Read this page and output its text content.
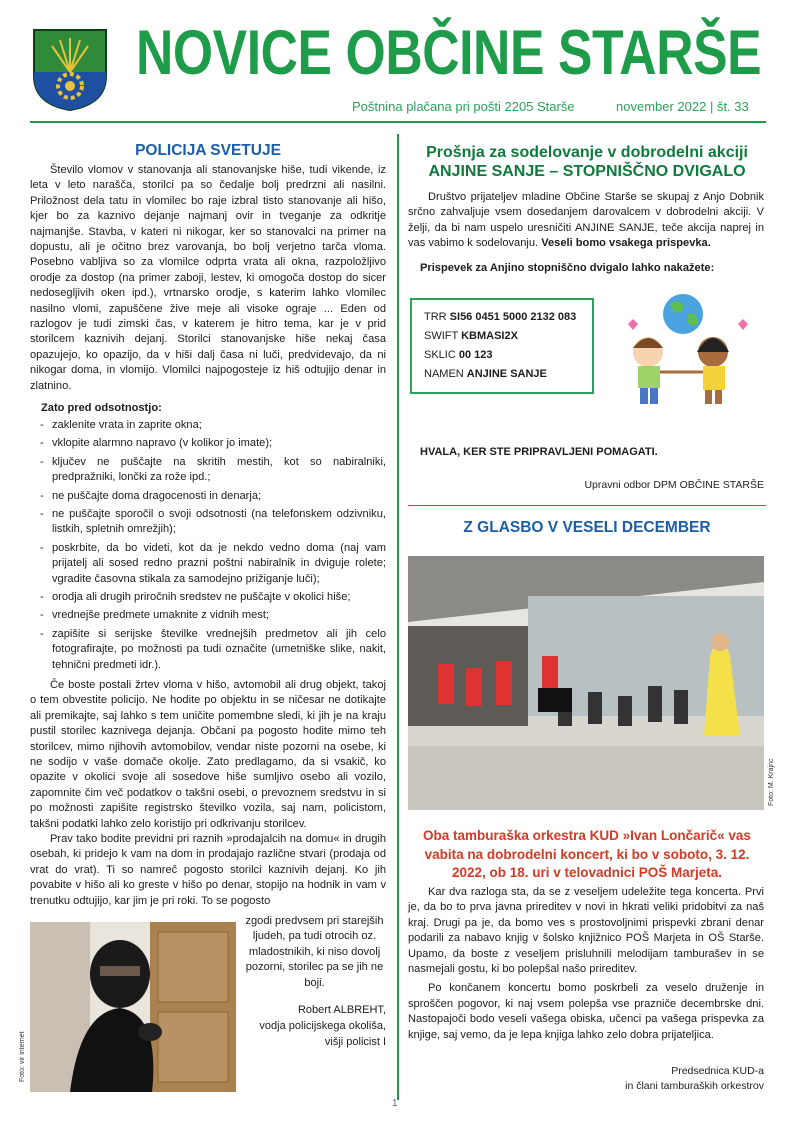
NOVICE OBČINE STARŠE
Poštnina plačana pri pošti 2205 Starše	november 2022 | št. 33
POLICIJA SVETUJE

Število vlomov v stanovanja ali stanovanjske hiše, tudi vikende, iz leta v leto narašča, storilci pa so čedalje bolj predrzni ali nasilni. Priložnost dela tatu in vlomilec bo raje izbral tisto stanovanje ali hišo, kjer bo za kaznivo dejanje najmanj ovir in tveganje za odkritje najmanjše. Stavba, v kateri ni nikogar, ker so stanovalci na primer na dopustu, ali je očitno brez varovanja, bo bolj verjetno tarča vloma. Posebno vabljiva so za vlomilce odprta vrata ali okna, razpoložljivo orodje za dostop (na primer zaboji, lestev, ki omogoča dostop do sicer nedosegljivih oken ipd.), vrtnarsko orodje, s katerim lahko vlomilec nasilno vlomi, zapuščene žive meje ali visoke ograje ... Eden od razlogov je tudi zimski čas, v katerem je hitro tema, kar je v prid storilcem kaznivih dejanj. Storilci stanovanjske hiše nekaj časa opazujejo, ko opazijo, da v hiši dalj časa ni luči, predvidevajo, da ni nikogar doma, in vlomijo. Vlomilci najpogosteje iz hiš odtujijo denar in zlatnino.

Zato pred odsotnostjo:
- zaklenite vrata in zaprite okna;
- vklopite alarmno napravo (v kolikor jo imate);
- ključev ne puščajte na skritih mestih, kot so nabiralniki, predpražniki, lončki za rože ipd.;
- ne puščajte doma dragocenosti in denarja;
- ne puščajte sporočil o svoji odsotnosti (na telefonskem odzivniku, listkih, spletnih omrežjih);
- poskrbite, da bo videti, kot da je nekdo vedno doma (naj vam prijatelj ali sosed redno prazni poštni nabiralnik in dviguje rolete; vgradite časovna stikala za samodejno prižiganje luči);
- orodja ali drugih priročnih sredstev ne puščajte v okolici hiše;
- vrednejše predmete umaknite z vidnih mest;
- zapišite si serijske številke vrednejših predmetov ali jih celo fotografirajte, po možnosti pa tudi označite (umetniške slike, nakit, tehnični predmeti idr.).

Če boste postali žrtev vloma v hišo, avtomobil ali drug objekt, takoj o tem obvestite policijo. Ne hodite po objektu in se ničesar ne dotikajte ali premikajte, saj lahko s tem uničite pomembne sledi, ki jih je na kraju pustil storilec kaznivega dejanja. Občani pa pogosto hodite mimo teh storilcev, mimo njihovih avtomobilov, vendar niste pozorni na osebe, ki ne sodijo v vaše domače okolje. Zato predlagamo, da si vsakič, ko opazite v okolici svoje ali sosedove hiše sumljivo osebo ali vozilo, zapomnite čim več podatkov o takšni osebi, o prevoznem sredstvu in si po možnosti zapišite registrsko številko vozila, saj nam, policistom, takšni podatki lahko zelo koristijo pri odkrivanju storilcev.

Prav tako bodite previdni pri raznih »prodajalcih na domu« in drugih osebah, ki pridejo k vam na dom in prodajajo različne stvari (prodaja od vrat do vrat). Ti so namreč pogosto storilci kaznivih dejanj. Ko jih povabite v hišo ali ko greste v hišo po denar, stopijo na hodnik in vam v trenutku odtujijo, kar jim je pri roki. To se pogosto

Foto: vir internet
zgodi predvsem pri starejših ljudeh, pa tudi otrocih oz. mladostnikih, ki niso dovolj pozorni, storilec pa se jih ne boji.
Robert ALBREHT,
vodja policijskega okoliša,
višji policist I
Prošnja za sodelovanje v dobrodelni akciji
ANJINE SANJE – STOPNIŠČNO DVIGALO

Društvo prijateljev mladine Občine Starše se skupaj z Anjo Dobnik srčno zahvaljuje vsem dosedanjem darovalcem v dobrodelni akciji. V želji, da bi nam uspelo uresničiti ANJINE SANJE, teče akcija naprej in vas vabimo k sodelovanju. Veseli bomo vsakega prispevka.

Prispevek za Anjino stopniščno dvigalo lahko nakažete:
TRR SI56 0451 5000 2132 083
SWIFT KBMASI2X
SKLIC 00 123
NAMEN ANJINE SANJE
HVALA, KER STE PRIPRAVLJENI POMAGATI.
Upravni odbor DPM OBČINE STARŠE
Z GLASBO V VESELI DECEMBER
Foto: M. Krajnc
Oba tamburaška orkestra KUD »Ivan Lončarič« vas vabita na dobrodelni koncert, ki bo v soboto, 3. 12. 2022, ob 18. uri v telovadnici POŠ Marjeta.

Kar dva razloga sta, da se z veseljem udeležite tega koncerta. Prvi je, da bo to prva javna prireditev v novi in hkrati veliki pridobitvi za naš kraj. Drugi pa je, da bomo ves s prostovoljnimi prispevki zbrani denar podarili za nabavo knjig v šolsko knjižnico POŠ Marjeta in OŠ Starše. Upamo, da boste z veseljem prisluhnili melodijam tamburašev in se nasmejali gostu, ki bo polepšal našo prireditev.

Po končanem koncertu bomo poskrbeli za veselo druženje in sproščen pogovor, ki naj vsem polepša vse prazniče decembrske dni. Nastopajoči bodo veseli vašega obiska, učenci pa vašega prispevka za knjige, saj vemo, da je lepa knjiga lahko zelo dobra prijateljica.

Predsednica KUD-a
in člani tamburaških orkestrov
1
